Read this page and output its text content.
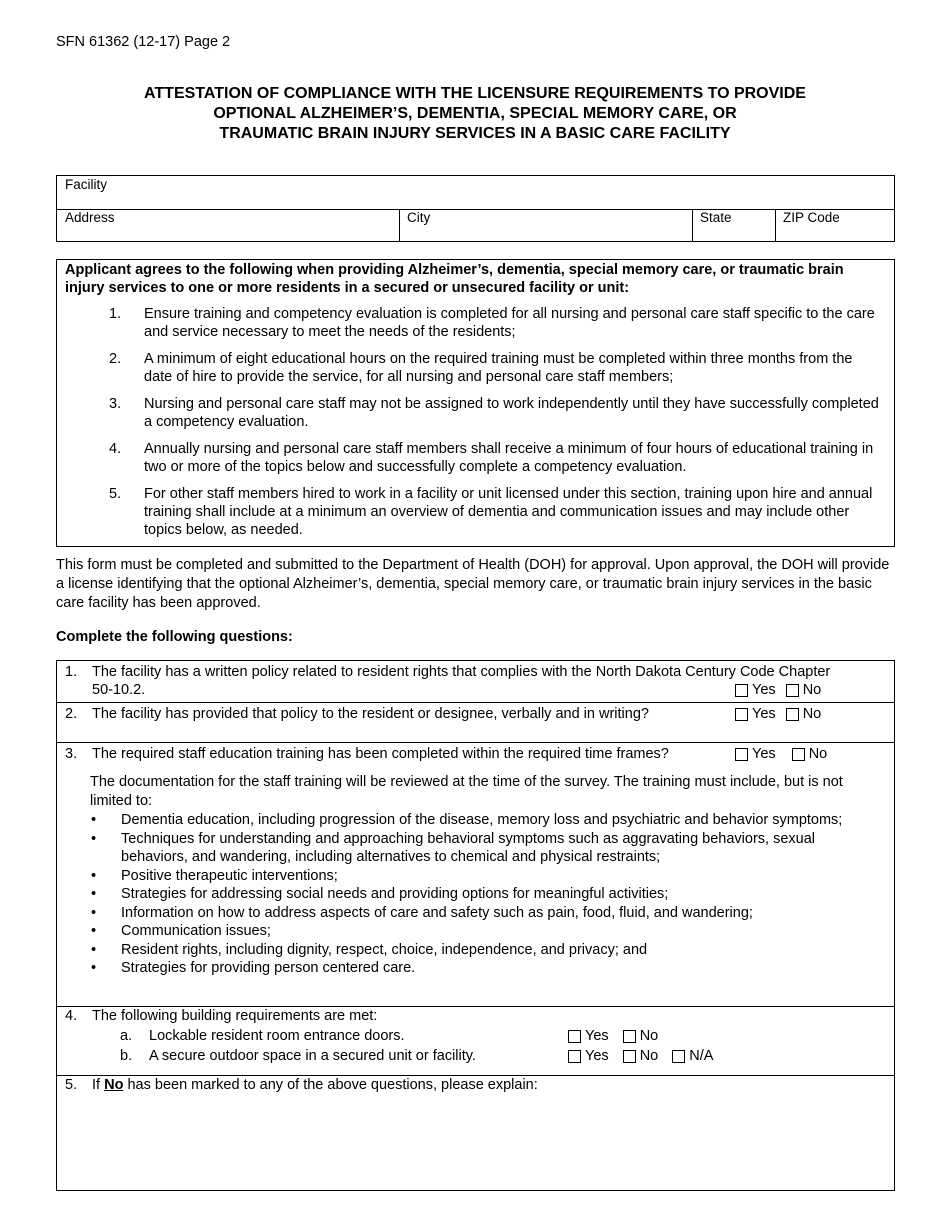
SFN 61362 (12-17) Page 2
ATTESTATION OF COMPLIANCE WITH THE LICENSURE REQUIREMENTS TO PROVIDE
OPTIONAL ALZHEIMER’S, DEMENTIA, SPECIAL MEMORY CARE, OR
TRAUMATIC BRAIN INJURY SERVICES IN A BASIC CARE FACILITY
Facility
Address	City	State	ZIP Code
Applicant agrees to the following when providing Alzheimer’s, dementia, special memory care, or traumatic brain injury services to one or more residents in a secured or unsecured facility or unit:
1. Ensure training and competency evaluation is completed for all nursing and personal care staff specific to the care and service necessary to meet the needs of the residents;
2. A minimum of eight educational hours on the required training must be completed within three months from the date of hire to provide the service, for all nursing and personal care staff members;
3. Nursing and personal care staff may not be assigned to work independently until they have successfully completed a competency evaluation.
4. Annually nursing and personal care staff members shall receive a minimum of four hours of educational training in two or more of the topics below and successfully complete a competency evaluation.
5. For other staff members hired to work in a facility or unit licensed under this section, training upon hire and annual training shall include at a minimum an overview of dementia and communication issues and may include other topics below, as needed.
This form must be completed and submitted to the Department of Health (DOH) for approval. Upon approval, the DOH will provide a license identifying that the optional Alzheimer’s, dementia, special memory care, or traumatic brain injury services in the basic care facility has been approved.
Complete the following questions:
1. The facility has a written policy related to resident rights that complies with the North Dakota Century Code Chapter
50-10.2.	Yes No
2. The facility has provided that policy to the resident or designee, verbally and in writing?	Yes No
3. The required staff education training has been completed within the required time frames?	Yes No
The documentation for the staff training will be reviewed at the time of the survey. The training must include, but is not limited to:
• Dementia education, including progression of the disease, memory loss and psychiatric and behavior symptoms;
• Techniques for understanding and approaching behavioral symptoms such as aggravating behaviors, sexual behaviors, and wandering, including alternatives to chemical and physical restraints;
• Positive therapeutic interventions;
• Strategies for addressing social needs and providing options for meaningful activities;
• Information on how to address aspects of care and safety such as pain, food, fluid, and wandering;
• Communication issues;
• Resident rights, including dignity, respect, choice, independence, and privacy; and
• Strategies for providing person centered care.
4. The following building requirements are met:
a. Lockable resident room entrance doors.	Yes No
b. A secure outdoor space in a secured unit or facility.	Yes No N/A
5. If No has been marked to any of the above questions, please explain:
